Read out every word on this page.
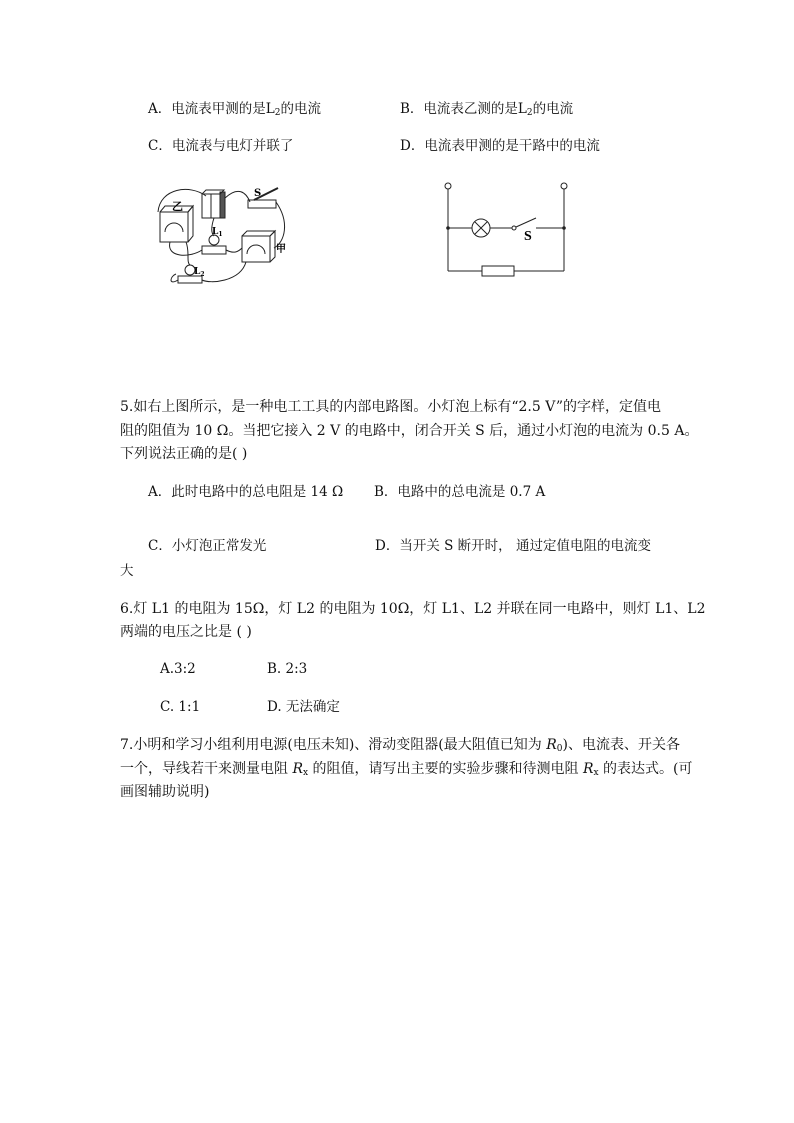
A．电流表甲测的是$L_2$的电流	B．电流表乙测的是$L_2$的电流
C．电流表与电灯并联了	D．电流表甲测的是干路中的电流
乙
甲
S
$L_1$
$L_2$
S
5.如右上图所示，是一种电工工具的内部电路图。小灯泡上标有“2.5 V”的字样，定值电
阻的阻值为 10 Ω。当把它接入 2 V 的电路中，闭合开关 S 后，通过小灯泡的电流为 0.5 A。
下列说法正确的是( )
A．此时电路中的总电阻是 14 Ω B．电路中的总电流是 0.7 A
C．小灯泡正常发光	D．当开关 S 断开时， 通过定值电阻的电流变
大
6.灯 L1 的电阻为 15Ω，灯 L2 的电阻为 10Ω，灯 L1、L2 并联在同一电路中，则灯 L1、L2
两端的电压之比是 ( )
A.3:2	B. 2:3
C. 1:1	D. 无法确定
7.小明和学习小组利用电源(电压未知)、滑动变阻器(最大阻值已知为 $R_0$)、电流表、开关各
一个，导线若干来测量电阻 $R_x$ 的阻值，请写出主要的实验步骤和待测电阻 $R_x$ 的表达式。(可
画图辅助说明)
